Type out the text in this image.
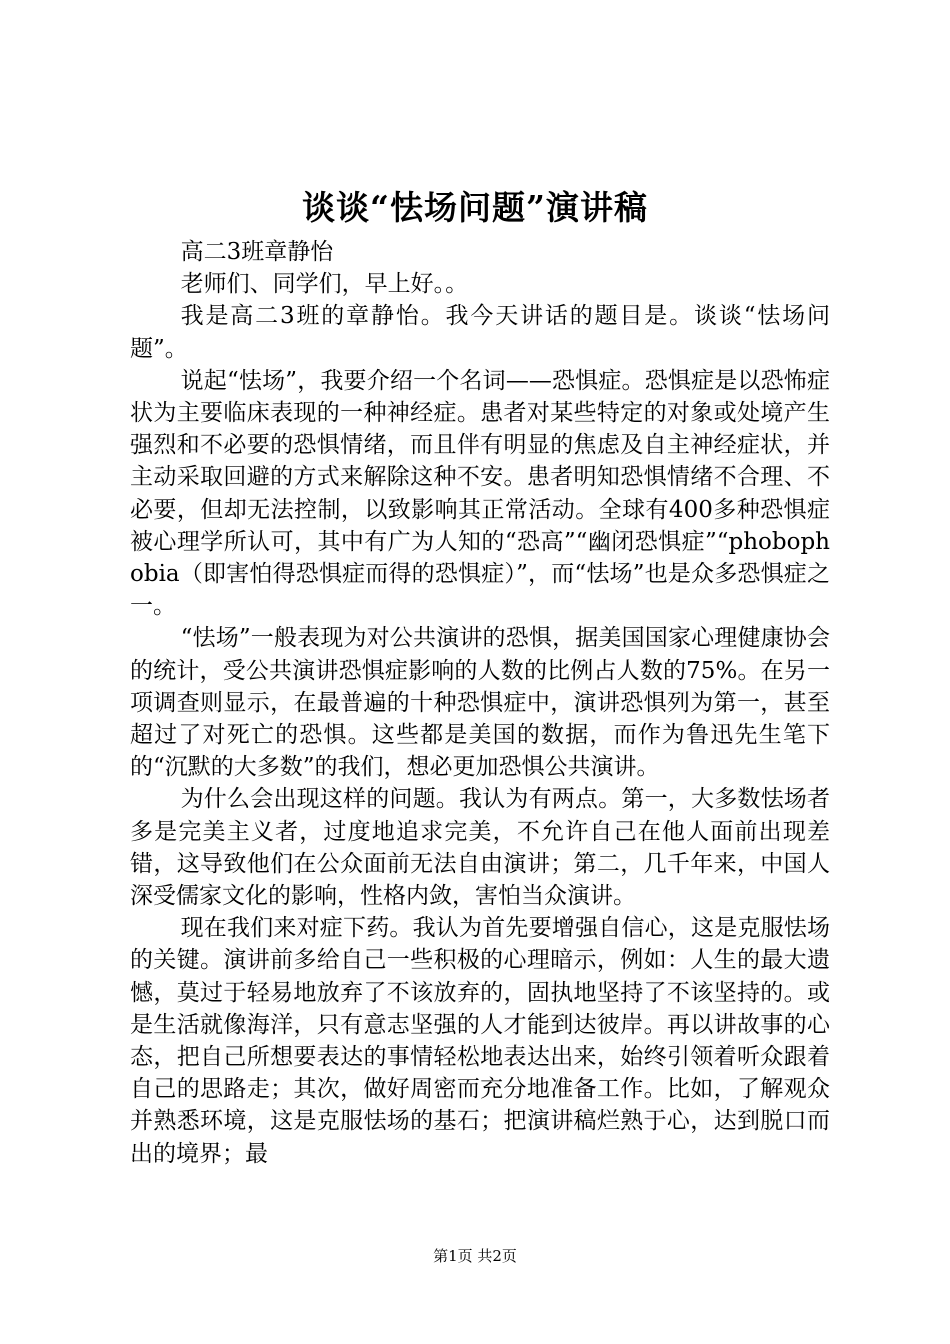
谈谈“怯场问题”演讲稿

高二3班章静怡

老师们、同学们，早上好。。

我是高二3班的章静怡。我今天讲话的题目是。谈谈“怯场问题”。

说起“怯场”，我要介绍一个名词——恐惧症。恐惧症是以恐怖症状为主要临床表现的一种神经症。患者对某些特定的对象或处境产生强烈和不必要的恐惧情绪，而且伴有明显的焦虑及自主神经症状，并主动采取回避的方式来解除这种不安。患者明知恐惧情绪不合理、不必要，但却无法控制，以致影响其正常活动。全球有400多种恐惧症被心理学所认可，其中有广为人知的“恐高”“幽闭恐惧症”“phobophobia（即害怕得恐惧症而得的恐惧症）”，而“怯场”也是众多恐惧症之一。

“怯场”一般表现为对公共演讲的恐惧，据美国国家心理健康协会的统计，受公共演讲恐惧症影响的人数的比例占人数的75%。在另一项调查则显示，在最普遍的十种恐惧症中，演讲恐惧列为第一，甚至超过了对死亡的恐惧。这些都是美国的数据，而作为鲁迅先生笔下的“沉默的大多数”的我们，想必更加恐惧公共演讲。

为什么会出现这样的问题。我认为有两点。第一，大多数怯场者多是完美主义者，过度地追求完美，不允许自己在他人面前出现差错，这导致他们在公众面前无法自由演讲；第二，几千年来，中国人深受儒家文化的影响，性格内敛，害怕当众演讲。

现在我们来对症下药。我认为首先要增强自信心，这是克服怯场的关键。演讲前多给自己一些积极的心理暗示，例如：人生的最大遗憾，莫过于轻易地放弃了不该放弃的，固执地坚持了不该坚持的。或是生活就像海洋，只有意志坚强的人才能到达彼岸。再以讲故事的心态，把自己所想要表达的事情轻松地表达出来，始终引领着听众跟着自己的思路走；其次，做好周密而充分地准备工作。比如，了解观众并熟悉环境，这是克服怯场的基石；把演讲稿烂熟于心，达到脱口而出的境界；最

第1页 共2页
